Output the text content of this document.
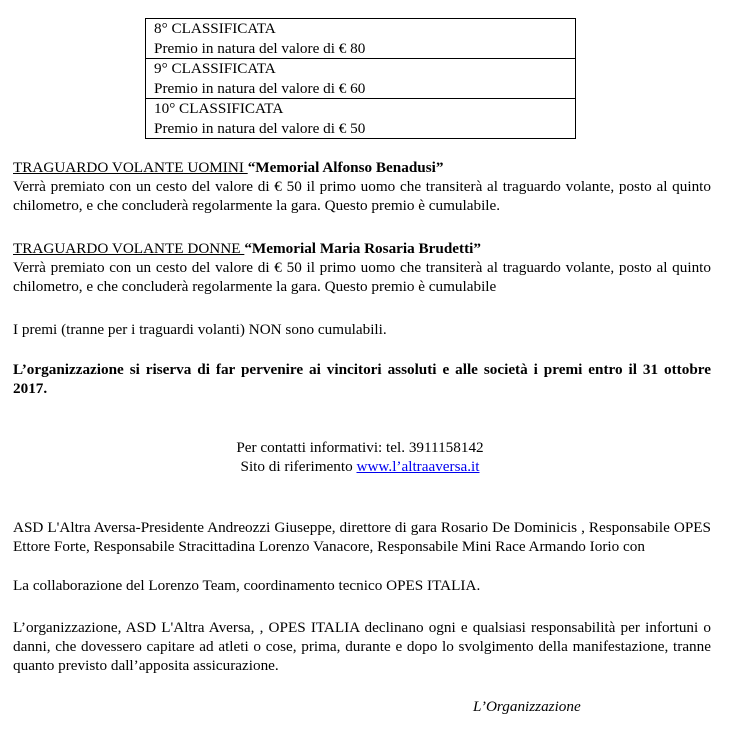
8° CLASSIFICATA
Premio in natura del valore di € 80

9° CLASSIFICATA
Premio in natura del valore di € 60

10° CLASSIFICATA
Premio in natura del valore di € 50
TRAGUARDO VOLANTE UOMINI “Memorial Alfonso Benadusi”
Verrà premiato con un cesto del valore di € 50 il primo uomo che transiterà al traguardo volante, posto al quinto chilometro, e che concluderà regolarmente la gara. Questo premio è cumulabile.
TRAGUARDO VOLANTE DONNE “Memorial Maria Rosaria Brudetti”
Verrà premiato con un cesto del valore di € 50 il primo uomo che transiterà al traguardo volante, posto al quinto chilometro, e che concluderà regolarmente la gara. Questo premio è cumulabile
I premi (tranne per i traguardi volanti) NON sono cumulabili.
L’organizzazione si riserva di far pervenire ai vincitori assoluti e alle società i premi entro il 31 ottobre 2017.
Per contatti informativi: tel. 3911158142
Sito di riferimento www.l’altraaversa.it
ASD L'Altra Aversa-Presidente Andreozzi Giuseppe, direttore di gara Rosario De Dominicis , Responsabile OPES Ettore Forte, Responsabile Stracittadina Lorenzo Vanacore, Responsabile Mini Race Armando Iorio con
La collaborazione del Lorenzo Team, coordinamento tecnico OPES ITALIA.
L’organizzazione, ASD L'Altra Aversa, , OPES ITALIA declinano ogni e qualsiasi responsabilità per infortuni o danni, che dovessero capitare ad atleti o cose, prima, durante e dopo lo svolgimento della manifestazione, tranne quanto previsto dall’apposita assicurazione.
L’Organizzazione
